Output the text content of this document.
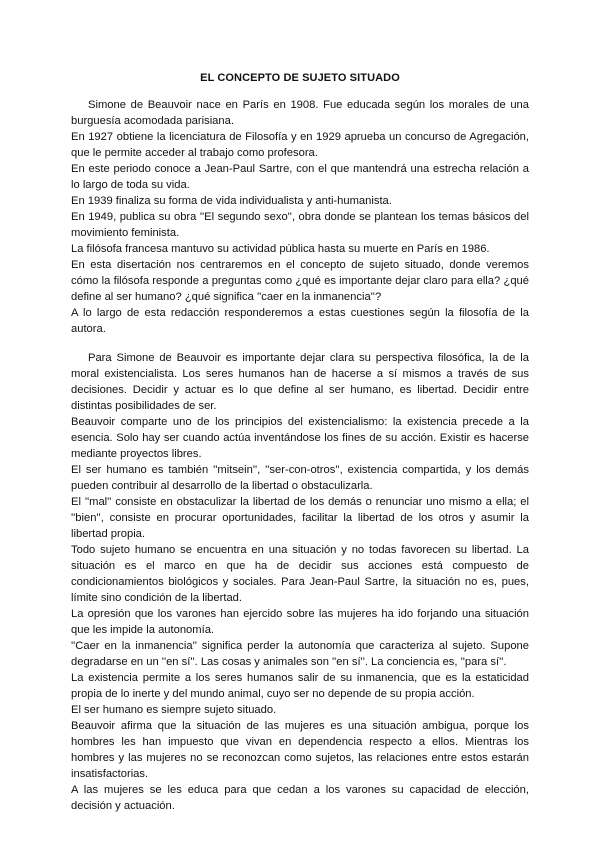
EL CONCEPTO DE SUJETO SITUADO

Simone de Beauvoir nace en París en 1908. Fue educada según los morales de una burguesía acomodada parisiana.

En 1927 obtiene la licenciatura de Filosofía y en 1929 aprueba un concurso de Agregación, que le permite acceder al trabajo como profesora.

En este periodo conoce a Jean-Paul Sartre, con el que mantendrá una estrecha relación a lo largo de toda su vida.

En 1939 finaliza su forma de vida individualista y anti-humanista.

En 1949, publica su obra ''El segundo sexo'', obra donde se plantean los temas básicos del movimiento feminista.

La filósofa francesa mantuvo su actividad pública hasta su muerte en París en 1986.

En esta disertación nos centraremos en el concepto de sujeto situado, donde veremos cómo la filósofa responde a preguntas como ¿qué es importante dejar claro para ella? ¿qué define al ser humano? ¿qué significa ''caer en la inmanencia''?

A lo largo de esta redacción responderemos a estas cuestiones según la filosofía de la autora.

Para Simone de Beauvoir es importante dejar clara su perspectiva filosófica, la de la moral existencialista. Los seres humanos han de hacerse a sí mismos a través de sus decisiones. Decidir y actuar es lo que define al ser humano, es libertad. Decidir entre distintas posibilidades de ser.

Beauvoir comparte uno de los principios del existencialismo: la existencia precede a la esencia. Solo hay ser cuando actúa inventándose los fines de su acción. Existir es hacerse mediante proyectos libres.

El ser humano es también ''mitsein'', ''ser-con-otros'', existencia compartida, y los demás pueden contribuir al desarrollo de la libertad o obstaculizarla.

El ''mal'' consiste en obstaculizar la libertad de los demás o renunciar uno mismo a ella; el ''bien'', consiste en procurar oportunidades, facilitar la libertad de los otros y asumir la libertad propia.

Todo sujeto humano se encuentra en una situación y no todas favorecen su libertad. La situación es el marco en que ha de decidir sus acciones está compuesto de condicionamientos biológicos y sociales. Para Jean-Paul Sartre, la situación no es, pues, límite sino condición de la libertad.

La opresión que los varones han ejercido sobre las mujeres ha ido forjando una situación que les impide la autonomía.

''Caer en la inmanencia'' significa perder la autonomía que caracteriza al sujeto. Supone degradarse en un ''en sí''. Las cosas y animales son ''en sí''. La conciencia es, ''para sí''.

La existencia permite a los seres humanos salir de su inmanencia, que es la estaticidad propia de lo inerte y del mundo animal, cuyo ser no depende de su propia acción.

El ser humano es siempre sujeto situado.

Beauvoir afirma que la situación de las mujeres es una situación ambigua, porque los hombres les han impuesto que vivan en dependencia respecto a ellos. Mientras los hombres y las mujeres no se reconozcan como sujetos, las relaciones entre estos estarán insatisfactorias.

A las mujeres se les educa para que cedan a los varones su capacidad de elección, decisión y actuación.
